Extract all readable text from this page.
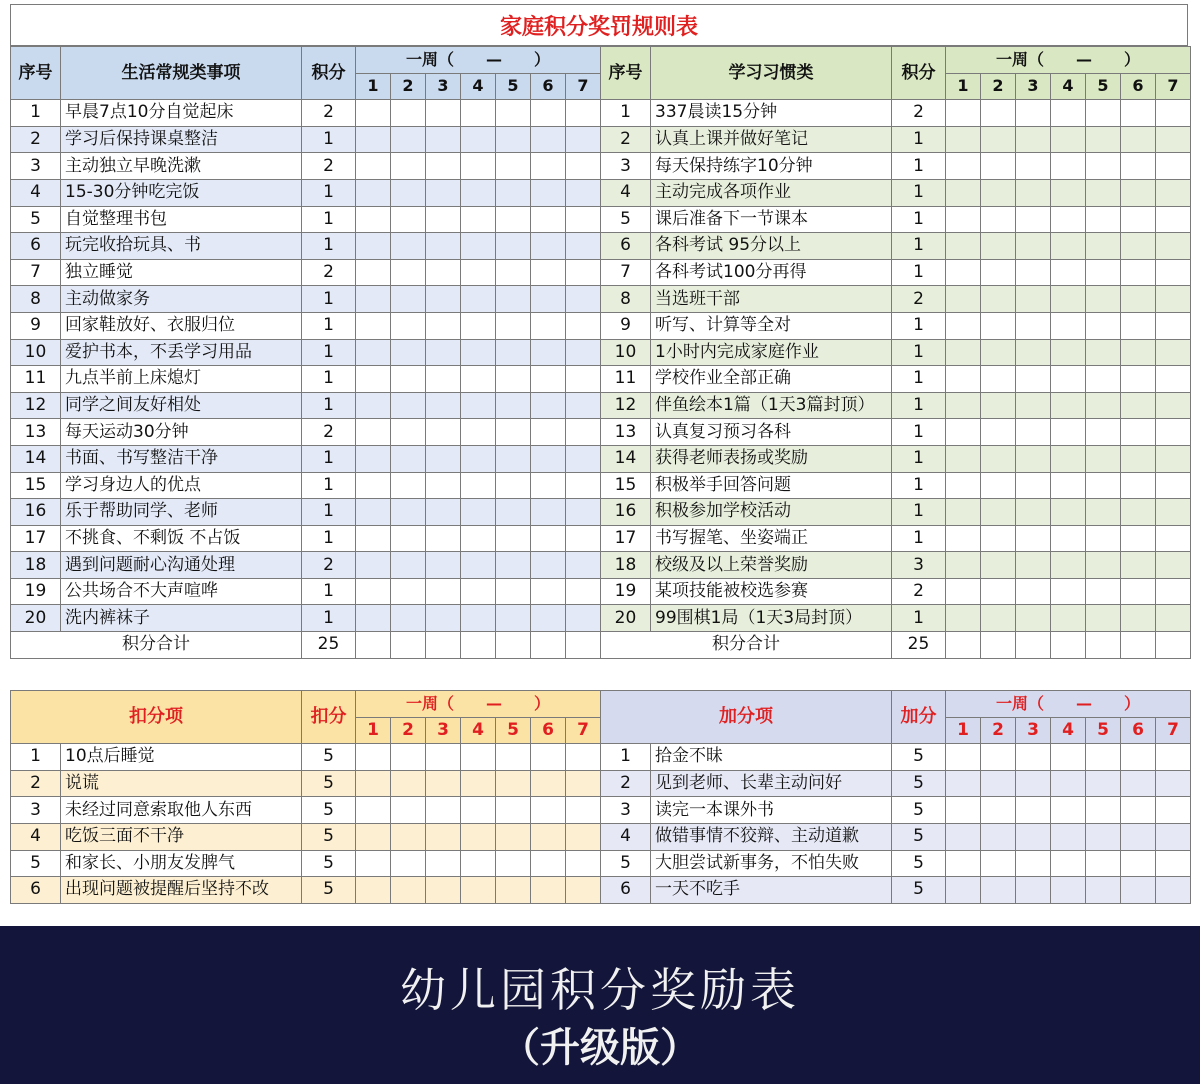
家庭积分奖罚规则表
序号	生活常规类事项	积分	一周（　　—　　）							序号	学习习惯类	积分	一周（　　—　　）						
			1	2	3	4	5	6	7				1	2	3	4	5	6	7
1	早晨7点10分自觉起床	2								1	337晨读15分钟	2							
2	学习后保持课桌整洁	1								2	认真上课并做好笔记	1							
3	主动独立早晚洗漱	2								3	每天保持练字10分钟	1							
4	15-30分钟吃完饭	1								4	主动完成各项作业	1							
5	自觉整理书包	1								5	课后准备下一节课本	1							
6	玩完收拾玩具、书	1								6	各科考试 95分以上	1							
7	独立睡觉	2								7	各科考试100分再得	1							
8	主动做家务	1								8	当选班干部	2							
9	回家鞋放好、衣服归位	1								9	听写、计算等全对	1							
10	爱护书本，不丢学习用品	1								10	1小时内完成家庭作业	1							
11	九点半前上床熄灯	1								11	学校作业全部正确	1							
12	同学之间友好相处	1								12	伴鱼绘本1篇（1天3篇封顶）	1							
13	每天运动30分钟	2								13	认真复习预习各科	1							
14	书面、书写整洁干净	1								14	获得老师表扬或奖励	1							
15	学习身边人的优点	1								15	积极举手回答问题	1							
16	乐于帮助同学、老师	1								16	积极参加学校活动	1							
17	不挑食、不剩饭 不占饭	1								17	书写握笔、坐姿端正	1							
18	遇到问题耐心沟通处理	2								18	校级及以上荣誉奖励	3							
19	公共场合不大声喧哗	1								19	某项技能被校选参赛	2							
20	洗内裤袜子	1								20	99围棋1局（1天3局封顶）	1							
积分合计		25								积分合计		25							
扣分项		扣分	一周（　　—　　）							加分项		加分	一周（　　—　　）						
			1	2	3	4	5	6	7				1	2	3	4	5	6	7
1	10点后睡觉	5								1	拾金不昧	5							
2	说谎	5								2	见到老师、长辈主动问好	5							
3	未经过同意索取他人东西	5								3	读完一本课外书	5							
4	吃饭三面不干净	5								4	做错事情不狡辩、主动道歉	5							
5	和家长、小朋友发脾气	5								5	大胆尝试新事务，不怕失败	5							
6	出现问题被提醒后坚持不改	5								6	一天不吃手	5							
幼儿园积分奖励表
（升级版）
